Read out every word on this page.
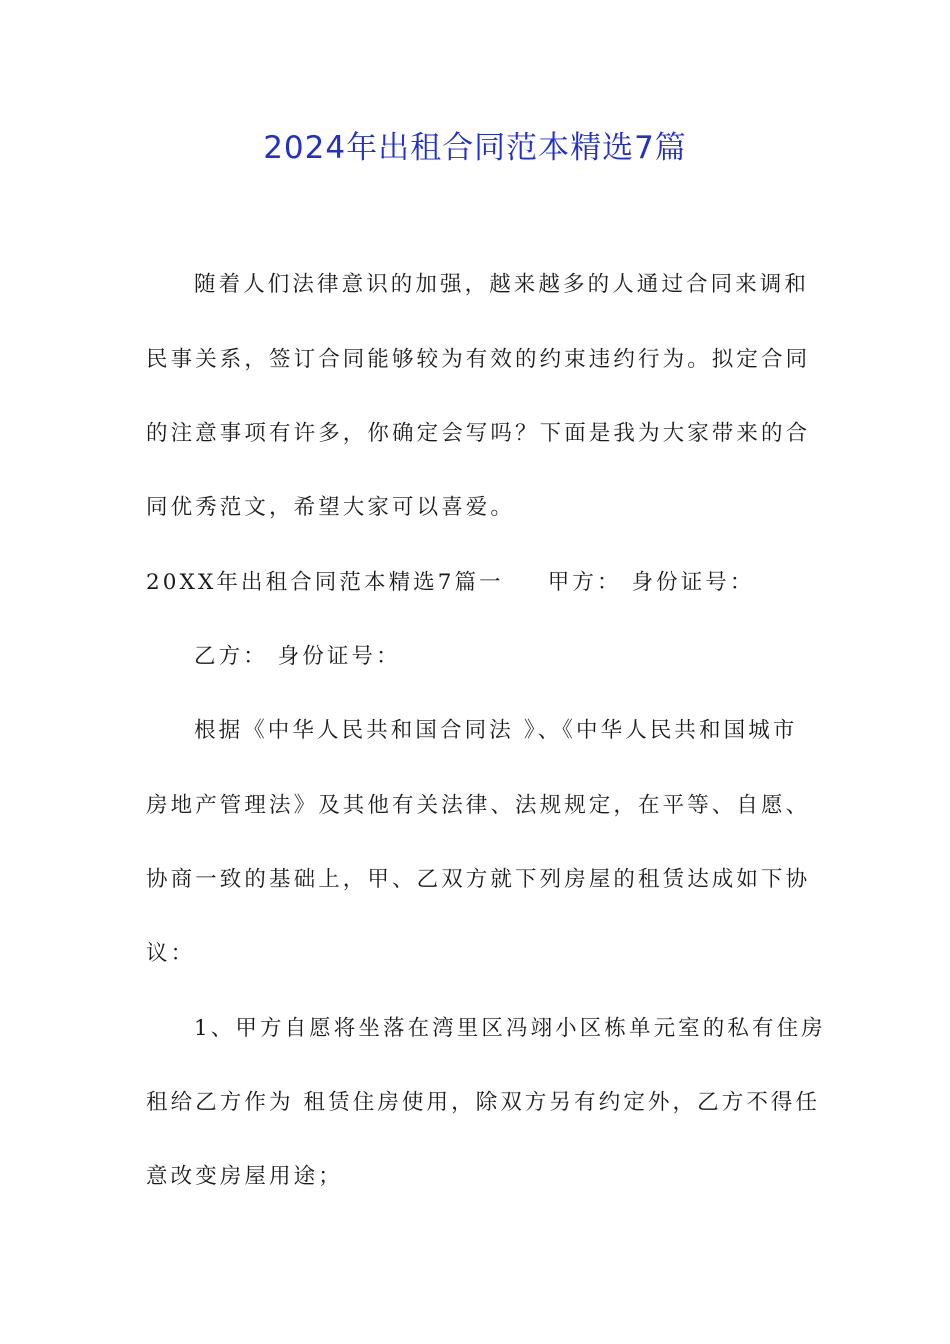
2024年出租合同范本精选7篇
随着人们法律意识的加强，越来越多的人通过合同来调和
民事关系，签订合同能够较为有效的约束违约行为。拟定合同
的注意事项有许多，你确定会写吗？下面是我为大家带来的合
同优秀范文，希望大家可以喜爱。
20XX年出租合同范本精选7篇一 甲方： 身份证号：
乙方： 身份证号：
根据《中华人民共和国合同法 》、《中华人民共和国城市
房地产管理法》及其他有关法律、法规规定，在平等、自愿、
协商一致的基础上，甲、乙双方就下列房屋的租赁达成如下协
议：
1、甲方自愿将坐落在湾里区冯翊小区栋单元室的私有住房
租给乙方作为 租赁住房使用，除双方另有约定外，乙方不得任
意改变房屋用途；
